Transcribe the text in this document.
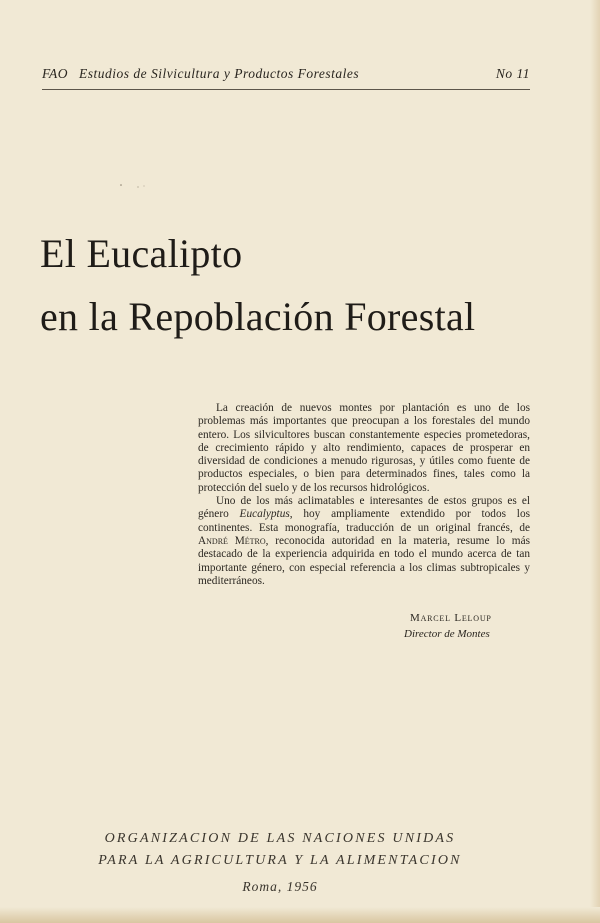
FAO Estudios de Silvicultura y Productos Forestales	No 11
El Eucalipto
en la Repoblación Forestal

La creación de nuevos montes por plantación es uno de los problemas más importantes que preocupan a los forestales del mundo entero. Los silvicultores buscan constantemente especies prometedoras, de crecimiento rápido y alto rendimiento, capaces de prosperar en diversidad de condiciones a menudo rigurosas, y útiles como fuente de productos especiales, o bien para determinados fines, tales como la protección del suelo y de los recursos hidrológicos.

Uno de los más aclimatables e interesantes de estos grupos es el género Eucalyptus, hoy ampliamente extendido por todos los continentes. Esta monografía, traducción de un original francés, de André Métro, reconocida autoridad en la materia, resume lo más destacado de la experiencia adquirida en todo el mundo acerca de tan importante género, con especial referencia a los climas subtropicales y mediterráneos.

Marcel Leloup
Director de Montes
ORGANIZACION DE LAS NACIONES UNIDAS
PARA LA AGRICULTURA Y LA ALIMENTACION
Roma, 1956
